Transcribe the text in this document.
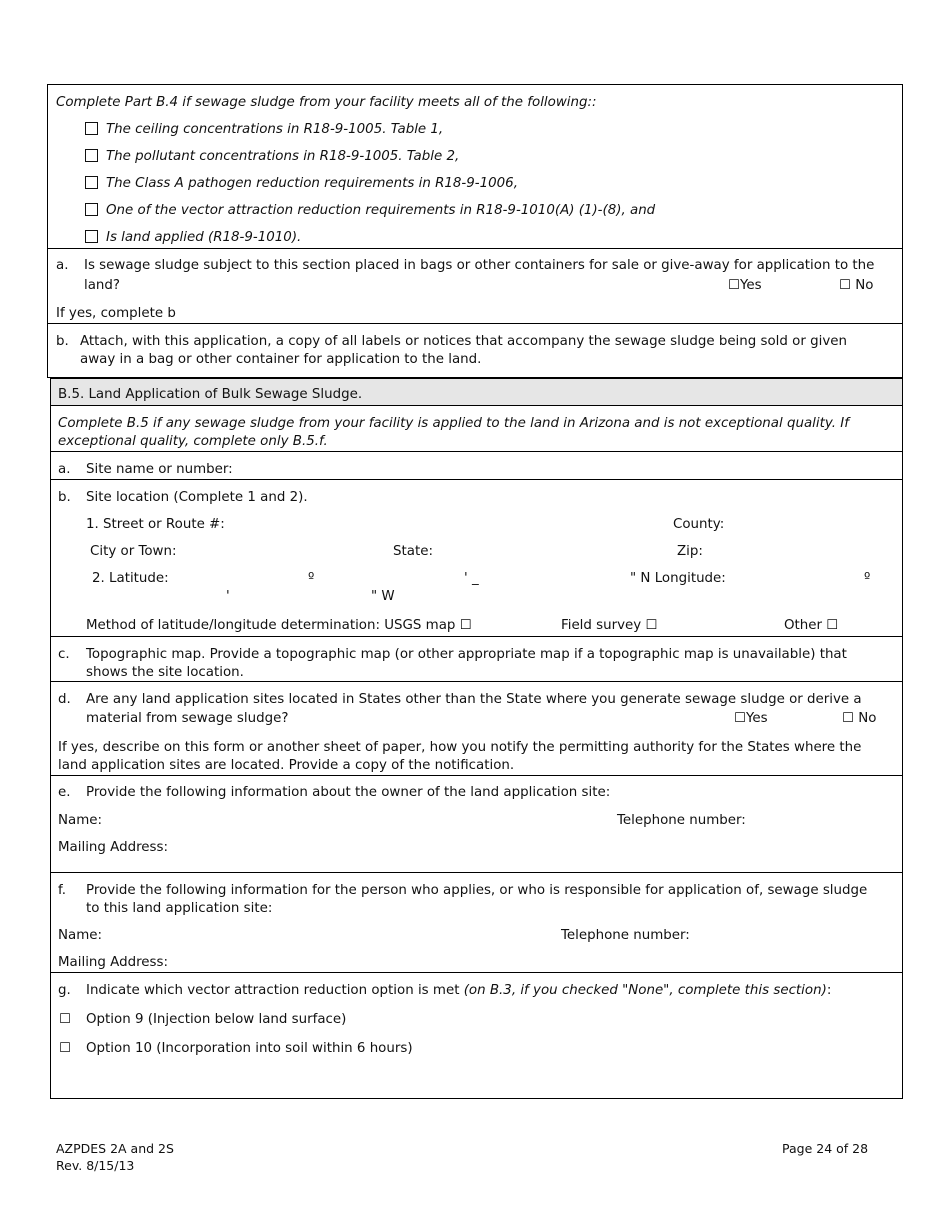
Complete Part B.4 if sewage sludge from your facility meets all of the following::
The ceiling concentrations in R18-9-1005. Table 1,
The pollutant concentrations in R18-9-1005. Table 2,
The Class A pathogen reduction requirements in R18-9-1006,
One of the vector attraction reduction requirements in R18-9-1010(A) (1)-(8), and
Is land applied (R18-9-1010).
a. Is sewage sludge subject to this section placed in bags or other containers for sale or give-away for application to the
land?	☐Yes	☐ No
If yes, complete b
b. Attach, with this application, a copy of all labels or notices that accompany the sewage sludge being sold or given
away in a bag or other container for application to the land.
B.5. Land Application of Bulk Sewage Sludge.
Complete B.5 if any sewage sludge from your facility is applied to the land in Arizona and is not exceptional quality. If
exceptional quality, complete only B.5.f.
a. Site name or number:
b. Site location (Complete 1 and 2).
1. Street or Route #:	County:
City or Town:	State:	Zip:
2. Latitude:	º	' _	" N Longitude:	º
'	" W
Method of latitude/longitude determination: USGS map ☐	Field survey ☐	Other ☐
c. Topographic map. Provide a topographic map (or other appropriate map if a topographic map is unavailable) that
shows the site location.
d. Are any land application sites located in States other than the State where you generate sewage sludge or derive a
material from sewage sludge?	☐Yes	☐ No
If yes, describe on this form or another sheet of paper, how you notify the permitting authority for the States where the
land application sites are located. Provide a copy of the notification.
e. Provide the following information about the owner of the land application site:
Name:	Telephone number:
Mailing Address:
f. Provide the following information for the person who applies, or who is responsible for application of, sewage sludge
to this land application site:
Name:	Telephone number:
Mailing Address:
g. Indicate which vector attraction reduction option is met (on B.3, if you checked "None", complete this section):
☐ Option 9 (Injection below land surface)
☐ Option 10 (Incorporation into soil within 6 hours)
AZPDES 2A and 2S
Rev. 8/15/13
Page 24 of 28
